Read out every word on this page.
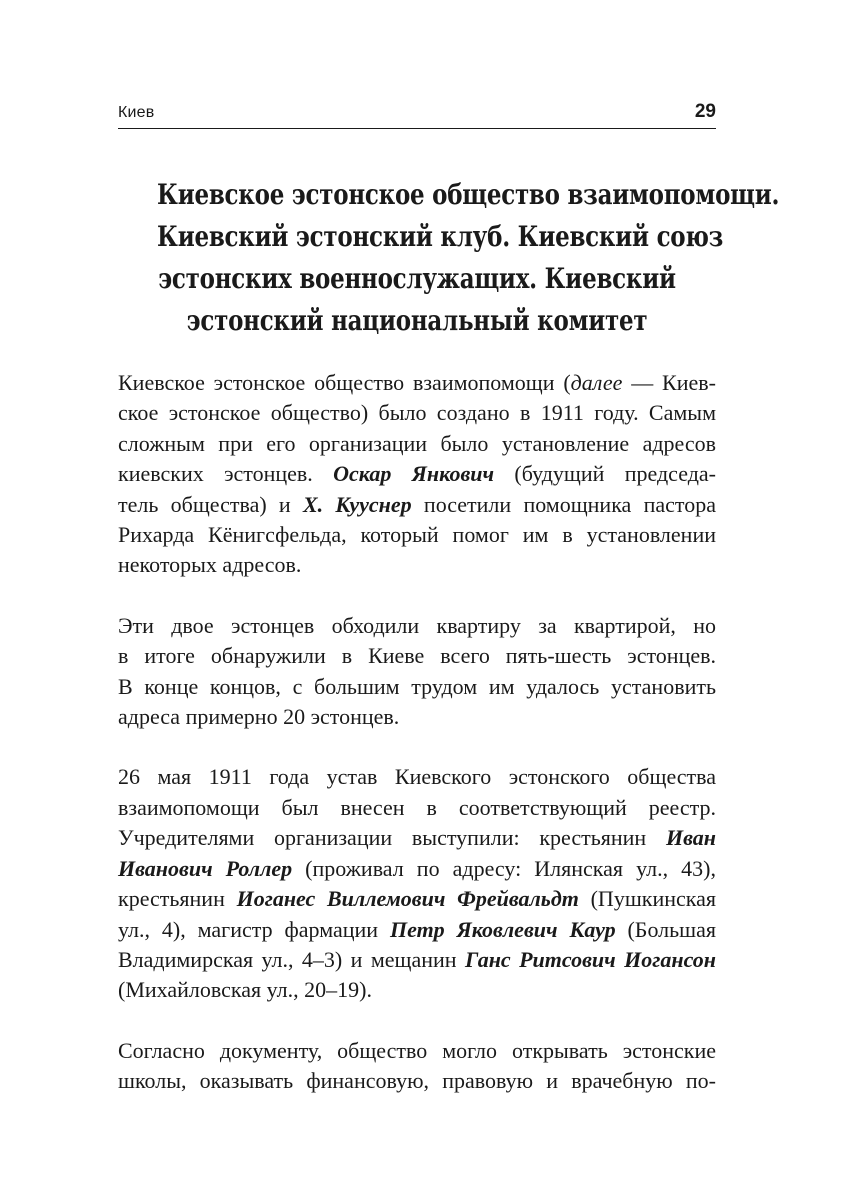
Киев	29
Киевское эстонское общество взаимопомощи.
Киевский эстонский клуб. Киевский союз
эстонских военнослужащих. Киевский
эстонский национальный комитет

Киевское эстонское общество взаимопомощи (далее — Киев-
ское эстонское общество) было создано в 1911 году. Самым
сложным при его организации было установление адресов
киевских эстонцев. Оскар Янкович (будущий председа-
тель общества) и Х. Кууснер посетили помощника пастора
Рихарда Кёнигсфельда, который помог им в установлении
некоторых адресов.

Эти двое эстонцев обходили квартиру за квартирой, но
в итоге обнаружили в Киеве всего пять-шесть эстонцев.
В конце концов, с большим трудом им удалось установить
адреса примерно 20 эстонцев.

26 мая 1911 года устав Киевского эстонского общества
взаимопомощи был внесен в соответствующий реестр.
Учредителями организации выступили: крестьянин Иван
Иванович Роллер (проживал по адресу: Илянская ул., 43),
крестьянин Иоганес Виллемович Фрейвальдт (Пушкинская
ул., 4), магистр фармации Петр Яковлевич Каур (Большая
Владимирская ул., 4–3) и мещанин Ганс Ритсович Иогансон
(Михайловская ул., 20–19).

Согласно документу, общество могло открывать эстонские
школы, оказывать финансовую, правовую и врачебную по-
